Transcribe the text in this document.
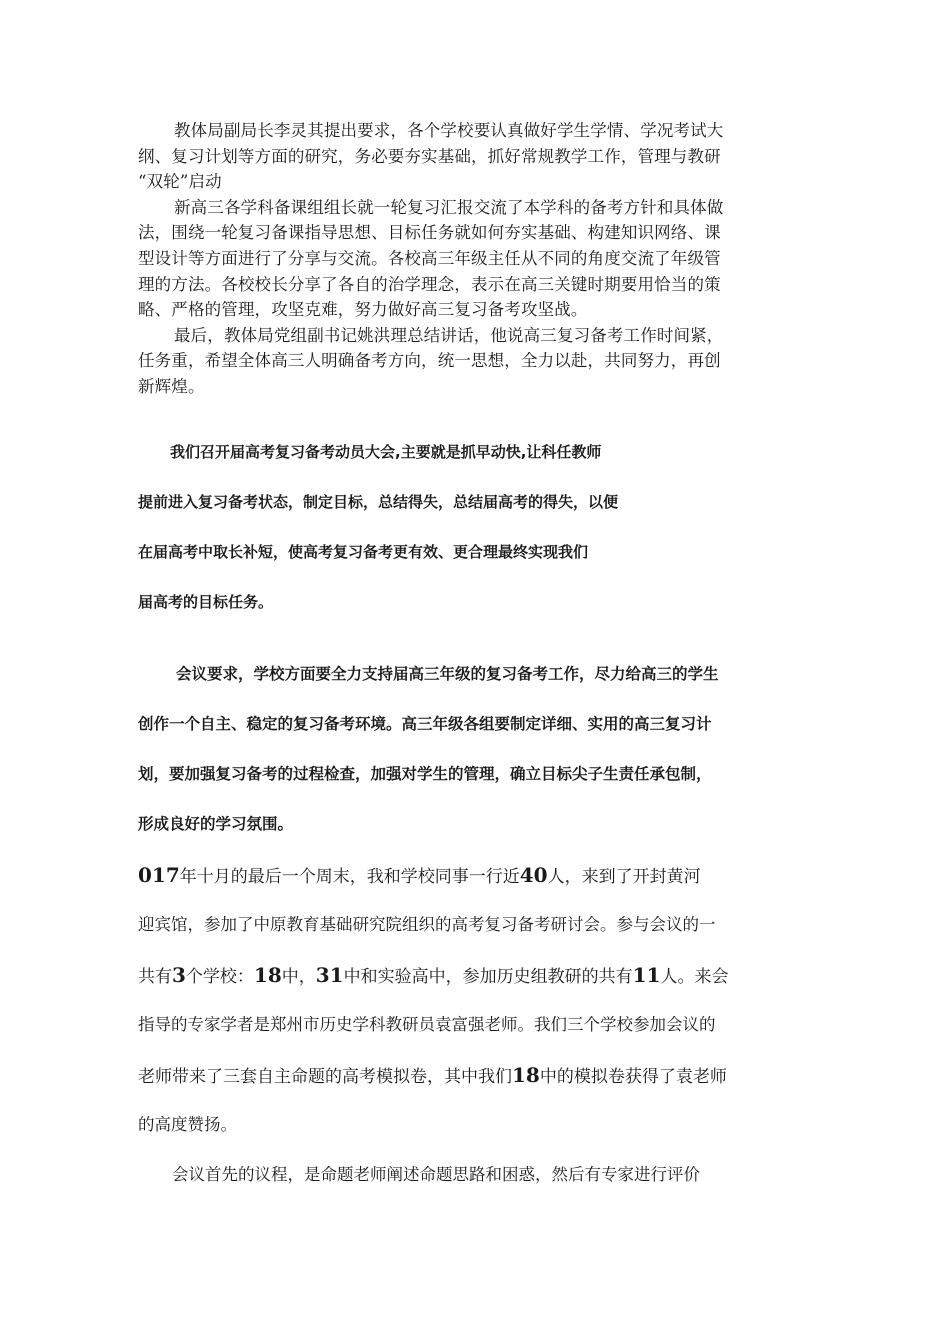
教体局副局长李灵其提出要求，各个学校要认真做好学生学情、学况考试大
纲、复习计划等方面的研究，务必要夯实基础，抓好常规教学工作，管理与教研
“双轮”启动
新高三各学科备课组组长就一轮复习汇报交流了本学科的备考方针和具体做
法，围绕一轮复习备课指导思想、目标任务就如何夯实基础、构建知识网络、课
型设计等方面进行了分享与交流。各校高三年级主任从不同的角度交流了年级管
理的方法。各校校长分享了各自的治学理念，表示在高三关键时期要用恰当的策
略、严格的管理，攻坚克难，努力做好高三复习备考攻坚战。
最后，教体局党组副书记姚洪理总结讲话，他说高三复习备考工作时间紧，
任务重，希望全体高三人明确备考方向，统一思想，全力以赴，共同努力，再创
新辉煌。
我们召开届高考复习备考动员大会,主要就是抓早动快,让科任教师
提前进入复习备考状态，制定目标，总结得失，总结届高考的得失，以便
在届高考中取长补短，使高考复习备考更有效、更合理最终实现我们
届高考的目标任务。
会议要求，学校方面要全力支持届高三年级的复习备考工作，尽力给高三的学生
创作一个自主、稳定的复习备考环境。高三年级各组要制定详细、实用的高三复习计
划，要加强复习备考的过程检查，加强对学生的管理，确立目标尖子生责任承包制，
形成良好的学习氛围。
017年十月的最后一个周末，我和学校同事一行近40人，来到了开封黄河
迎宾馆，参加了中原教育基础研究院组织的高考复习备考研讨会。参与会议的一
共有3个学校：18中，31中和实验高中，参加历史组教研的共有11人。来会
指导的专家学者是郑州市历史学科教研员袁富强老师。我们三个学校参加会议的
老师带来了三套自主命题的高考模拟卷，其中我们18中的模拟卷获得了袁老师
的高度赞扬。
会议首先的议程，是命题老师阐述命题思路和困惑，然后有专家进行评价
